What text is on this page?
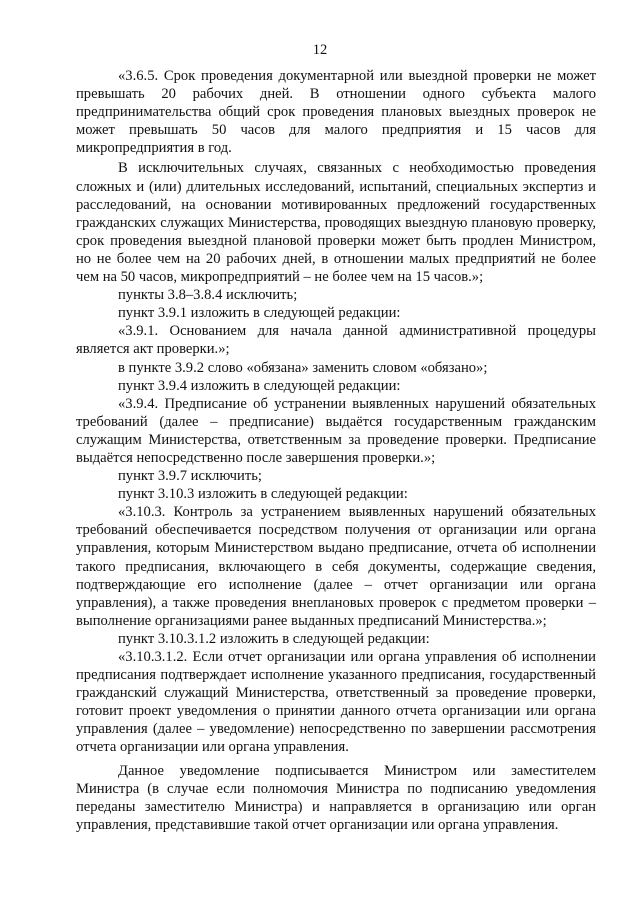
12

«3.6.5. Срок проведения документарной или выездной проверки не может превышать 20 рабочих дней. В отношении одного субъекта малого предпринимательства общий срок проведения плановых выездных проверок не может превышать 50 часов для малого предприятия и 15 часов для микропредприятия в год.

В исключительных случаях, связанных с необходимостью проведения сложных и (или) длительных исследований, испытаний, специальных экспертиз и расследований, на основании мотивированных предложений государственных гражданских служащих Министерства, проводящих выездную плановую проверку, срок проведения выездной плановой проверки может быть продлен Министром, но не более чем на 20 рабочих дней, в отношении малых предприятий не более чем на 50 часов, микропредприятий – не более чем на 15 часов.»;

пункты 3.8–3.8.4 исключить;

пункт 3.9.1 изложить в следующей редакции:

«3.9.1. Основанием для начала данной административной процедуры является акт проверки.»;

в пункте 3.9.2 слово «обязана» заменить словом «обязано»;

пункт 3.9.4 изложить в следующей редакции:

«3.9.4. Предписание об устранении выявленных нарушений обязательных требований (далее – предписание) выдаётся государственным гражданским служащим Министерства, ответственным за проведение проверки. Предписание выдаётся непосредственно после завершения проверки.»;

пункт 3.9.7 исключить;

пункт 3.10.3 изложить в следующей редакции:

«3.10.3. Контроль за устранением выявленных нарушений обязательных требований обеспечивается посредством получения от организации или органа управления, которым Министерством выдано предписание, отчета об исполнении такого предписания, включающего в себя документы, содержащие сведения, подтверждающие его исполнение (далее – отчет организации или органа управления), а также проведения внеплановых проверок с предметом проверки – выполнение организациями ранее выданных предписаний Министерства.»;

пункт 3.10.3.1.2 изложить в следующей редакции:

«3.10.3.1.2. Если отчет организации или органа управления об исполнении предписания подтверждает исполнение указанного предписания, государственный гражданский служащий Министерства, ответственный за проведение проверки, готовит проект уведомления о принятии данного отчета организации или органа управления (далее – уведомление) непосредственно по завершении рассмотрения отчета организации или органа управления.

Данное уведомление подписывается Министром или заместителем Министра (в случае если полномочия Министра по подписанию уведомления переданы заместителю Министра) и направляется в организацию или орган управления, представившие такой отчет организации или органа управления.
